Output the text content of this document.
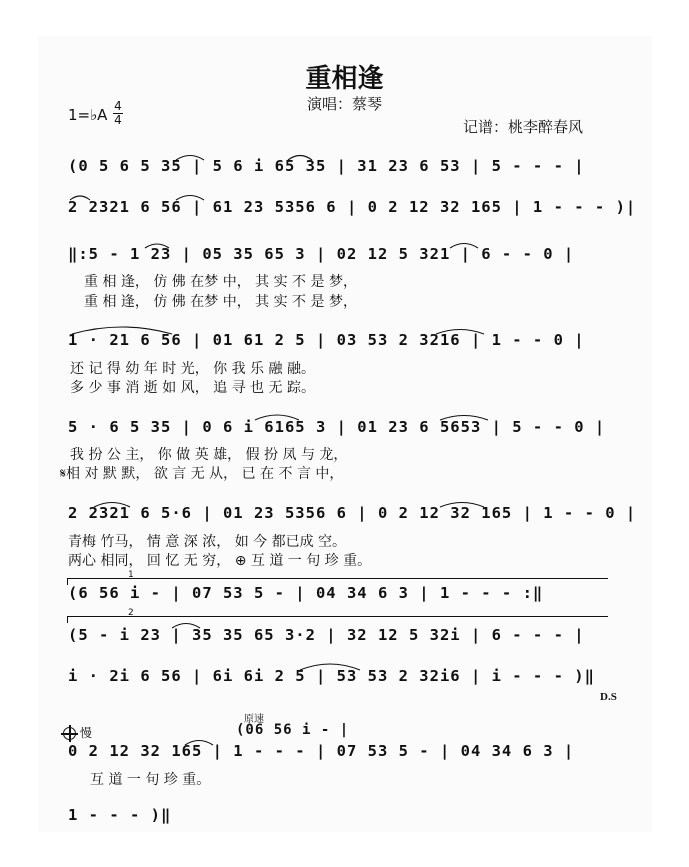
重相逢
演唱：蔡琴
1=♭A 4
4	记谱：桃李醉春风
(0 5 6 5 35 | 5 6 i 65 35 | 31 23 6 53 | 5 - - - |
2 2321 6 56 | 61 23 5356 6 | 0 2 12 32 165 | 1 - - - )|
‖:5 - 1 23 | 05 35 65 3 | 02 12 5 321 | 6 - - 0 |
重 相 逢， 仿 佛 在梦 中， 其 实 不 是 梦，
重 相 逢， 仿 佛 在梦 中， 其 实 不 是 梦，
1 · 21 6 56 | 01 61 2 5 | 03 53 2 3216 | 1 - - 0 |
还 记 得 幼 年 时 光， 你 我 乐 融 融。
多 少 事 消 逝 如 风， 追 寻 也 无 踪。
5 · 6 5 35 | 0 6 i 6165 3 | 01 23 6 5653 | 5 - - 0 |
我 扮 公 主， 你 做 英 雄， 假 扮 凤 与 龙，
𝄋相 对 默 默， 欲 言 无 从， 已 在 不 言 中，
2 2321 6 5·6 | 01 23 5356 6 | 0 2 12 32 165 | 1 - - 0 |
青梅 竹马， 情 意 深 浓， 如 今 都已成 空。
两心 相同， 回 忆 无 穷， ⊕ 互 道 一 句 珍 重。
1
(6 56 i - | 07 53 5 - | 04 34 6 3 | 1 - - - :‖
2
(5 - i 23 | 35 35 65 3·2 | 32 12 5 32i | 6 - - - |
i · 2i 6 56 | 6i 6i 2 5 | 53 53 2 32i6 | i - - - )‖
D.S
原速
慢	(06 56 i - |
0 2 12 32 165 | 1 - - - | 07 53 5 - | 04 34 6 3 |
互 道 一 句 珍 重。
1 - - - )‖
